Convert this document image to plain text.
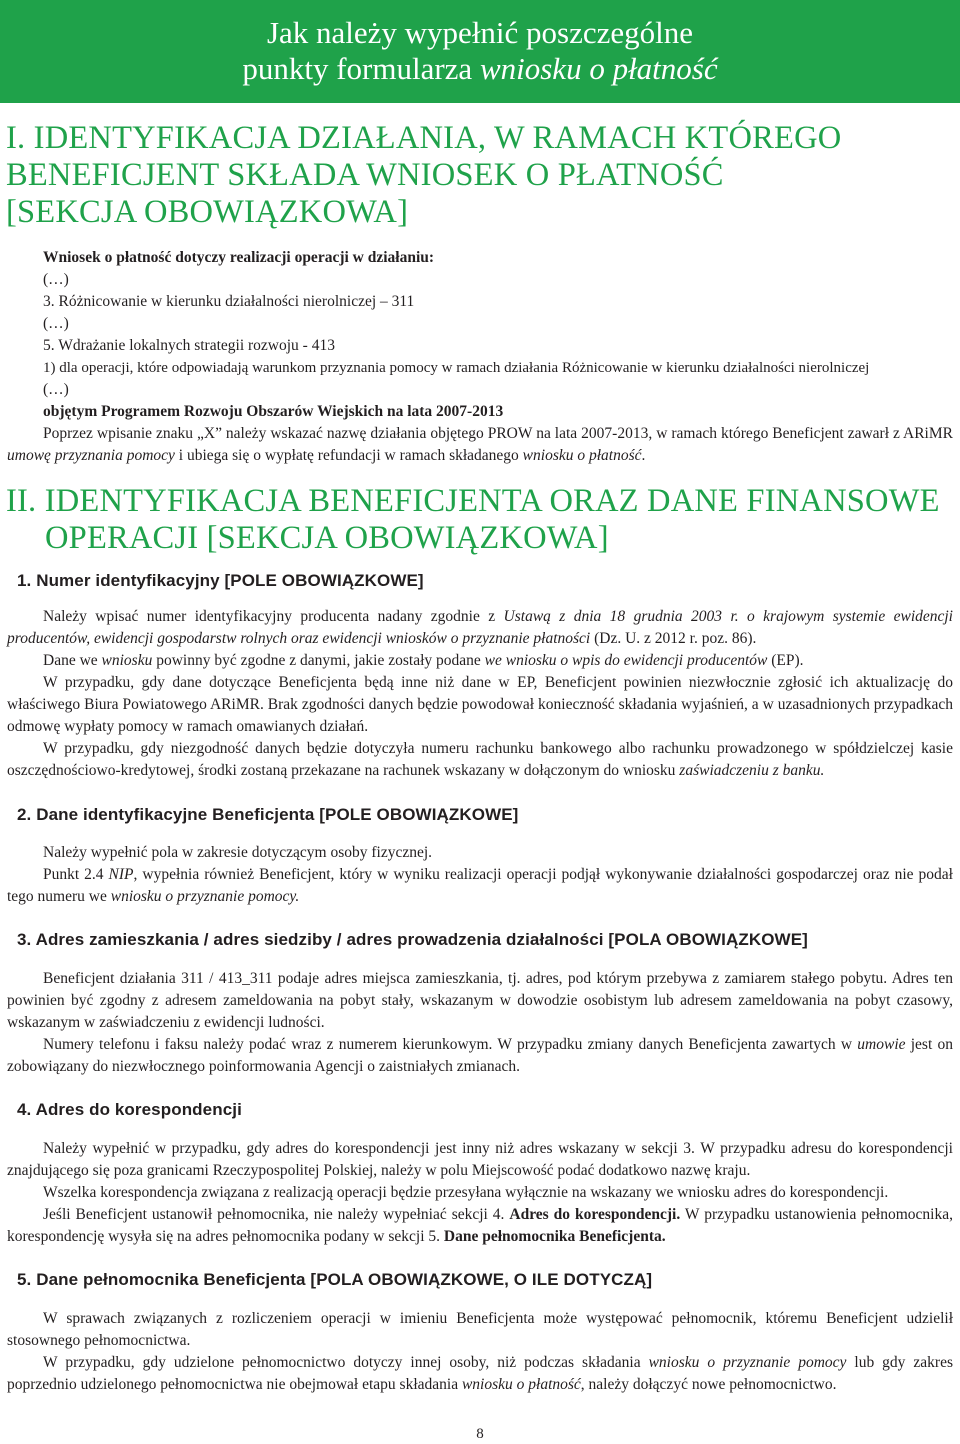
Jak należy wypełnić poszczególne
punkty formularza wniosku o płatność
I. IDENTYFIKACJA DZIAŁANIA, W RAMACH KTÓREGO
BENEFICJENT SKŁADA WNIOSEK O PŁATNOŚĆ
[SEKCJA OBOWIĄZKOWA]

Wniosek o płatność dotyczy realizacji operacji w działaniu:

(…)

3. Różnicowanie w kierunku działalności nierolniczej – 311

(…)

5. Wdrażanie lokalnych strategii rozwoju - 413

1) dla operacji, które odpowiadają warunkom przyznania pomocy w ramach działania Różnicowanie w kierunku działalności nierolniczej

(…)

objętym Programem Rozwoju Obszarów Wiejskich na lata 2007-2013

Poprzez wpisanie znaku „X” należy wskazać nazwę działania objętego PROW na lata 2007-2013, w ramach którego Beneficjent zawarł z ARiMR umowę przyznania pomocy i ubiega się o wypłatę refundacji w ramach składanego wniosku o płatność.

II. IDENTYFIKACJA BENEFICJENTA ORAZ DANE FINANSOWE
OPERACJI [SEKCJA OBOWIĄZKOWA]
1. Numer identyfikacyjny [POLE OBOWIĄZKOWE]

Należy wpisać numer identyfikacyjny producenta nadany zgodnie z Ustawą z dnia 18 grudnia 2003 r. o krajowym systemie ewidencji producentów, ewidencji gospodarstw rolnych oraz ewidencji wniosków o przyznanie płatności (Dz. U. z 2012 r. poz. 86).

Dane we wniosku powinny być zgodne z danymi, jakie zostały podane we wniosku o wpis do ewidencji producentów (EP).

W przypadku, gdy dane dotyczące Beneficjenta będą inne niż dane w EP, Beneficjent powinien niezwłocznie zgłosić ich aktualizację do właściwego Biura Powiatowego ARiMR. Brak zgodności danych będzie powodował konieczność składania wyjaśnień, a w uzasadnionych przypadkach odmowę wypłaty pomocy w ramach omawianych działań.

W przypadku, gdy niezgodność danych będzie dotyczyła numeru rachunku bankowego albo rachunku prowadzonego w spółdzielczej kasie oszczędnościowo-kredytowej, środki zostaną przekazane na rachunek wskazany w dołączonym do wniosku zaświadczeniu z banku.

2. Dane identyfikacyjne Beneficjenta [POLE OBOWIĄZKOWE]

Należy wypełnić pola w zakresie dotyczącym osoby fizycznej.

Punkt 2.4 NIP, wypełnia również Beneficjent, który w wyniku realizacji operacji podjął wykonywanie działalności gospodarczej oraz nie podał tego numeru we wniosku o przyznanie pomocy.

3. Adres zamieszkania / adres siedziby / adres prowadzenia działalności [POLA OBOWIĄZKOWE]

Beneficjent działania 311 / 413_311 podaje adres miejsca zamieszkania, tj. adres, pod którym przebywa z zamiarem stałego pobytu. Adres ten powinien być zgodny z adresem zameldowania na pobyt stały, wskazanym w dowodzie osobistym lub adresem zameldowania na pobyt czasowy, wskazanym w zaświadczeniu z ewidencji ludności.

Numery telefonu i faksu należy podać wraz z numerem kierunkowym. W przypadku zmiany danych Beneficjenta zawartych w umowie jest on zobowiązany do niezwłocznego poinformowania Agencji o zaistniałych zmianach.

4. Adres do korespondencji

Należy wypełnić w przypadku, gdy adres do korespondencji jest inny niż adres wskazany w sekcji 3. W przypadku adresu do korespondencji znajdującego się poza granicami Rzeczypospolitej Polskiej, należy w polu Miejscowość podać dodatkowo nazwę kraju.

Wszelka korespondencja związana z realizacją operacji będzie przesyłana wyłącznie na wskazany we wniosku adres do korespondencji.

Jeśli Beneficjent ustanowił pełnomocnika, nie należy wypełniać sekcji 4. Adres do korespondencji. W przypadku ustanowienia pełnomocnika, korespondencję wysyła się na adres pełnomocnika podany w sekcji 5. Dane pełnomocnika Beneficjenta.

5. Dane pełnomocnika Beneficjenta [POLA OBOWIĄZKOWE, O ILE DOTYCZĄ]

W sprawach związanych z rozliczeniem operacji w imieniu Beneficjenta może występować pełnomocnik, któremu Beneficjent udzielił stosownego pełnomocnictwa.

W przypadku, gdy udzielone pełnomocnictwo dotyczy innej osoby, niż podczas składania wniosku o przyznanie pomocy lub gdy zakres poprzednio udzielonego pełnomocnictwa nie obejmował etapu składania wniosku o płatność, należy dołączyć nowe pełnomocnictwo.

8
